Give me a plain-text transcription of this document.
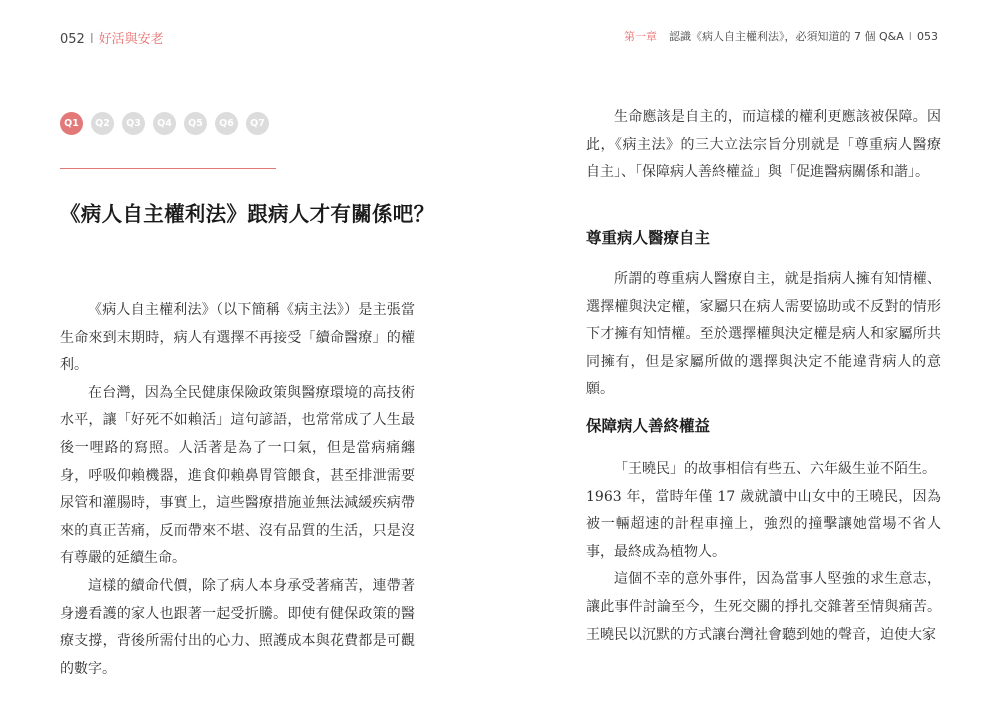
052 I 好活與安老	第一章 認識《病人自主權利法》，必須知道的 7 個 Q&A I 053
Q1	Q2	Q3	Q4	Q5	Q6	Q7
《病人自主權利法》跟病人才有關係吧？

《病人自主權利法》（以下簡稱《病主法》）是主張當生命來到末期時，病人有選擇不再接受「續命醫療」的權利。

在台灣，因為全民健康保險政策與醫療環境的高技術水平，讓「好死不如賴活」這句諺語，也常常成了人生最後一哩路的寫照。人活著是為了一口氣，但是當病痛纏身，呼吸仰賴機器，進食仰賴鼻胃管餵食，甚至排泄需要尿管和灌腸時，事實上，這些醫療措施並無法減緩疾病帶來的真正苦痛，反而帶來不堪、沒有品質的生活，只是沒有尊嚴的延續生命。

這樣的續命代價，除了病人本身承受著痛苦，連帶著身邊看護的家人也跟著一起受折騰。即使有健保政策的醫療支撐，背後所需付出的心力、照護成本與花費都是可觀的數字。

生命應該是自主的，而這樣的權利更應該被保障。因此，《病主法》的三大立法宗旨分別就是「尊重病人醫療自主」、「保障病人善終權益」與「促進醫病關係和諧」。

尊重病人醫療自主

所謂的尊重病人醫療自主，就是指病人擁有知情權、選擇權與決定權，家屬只在病人需要協助或不反對的情形下才擁有知情權。至於選擇權與決定權是病人和家屬所共同擁有，但是家屬所做的選擇與決定不能違背病人的意願。

保障病人善終權益

「王曉民」的故事相信有些五、六年級生並不陌生。

1963 年，當時年僅 17 歲就讀中山女中的王曉民，因為被一輛超速的計程車撞上，強烈的撞擊讓她當場不省人事，最終成為植物人。

這個不幸的意外事件，因為當事人堅強的求生意志，讓此事件討論至今，生死交關的掙扎交雜著至情與痛苦。王曉民以沉默的方式讓台灣社會聽到她的聲音，迫使大家
